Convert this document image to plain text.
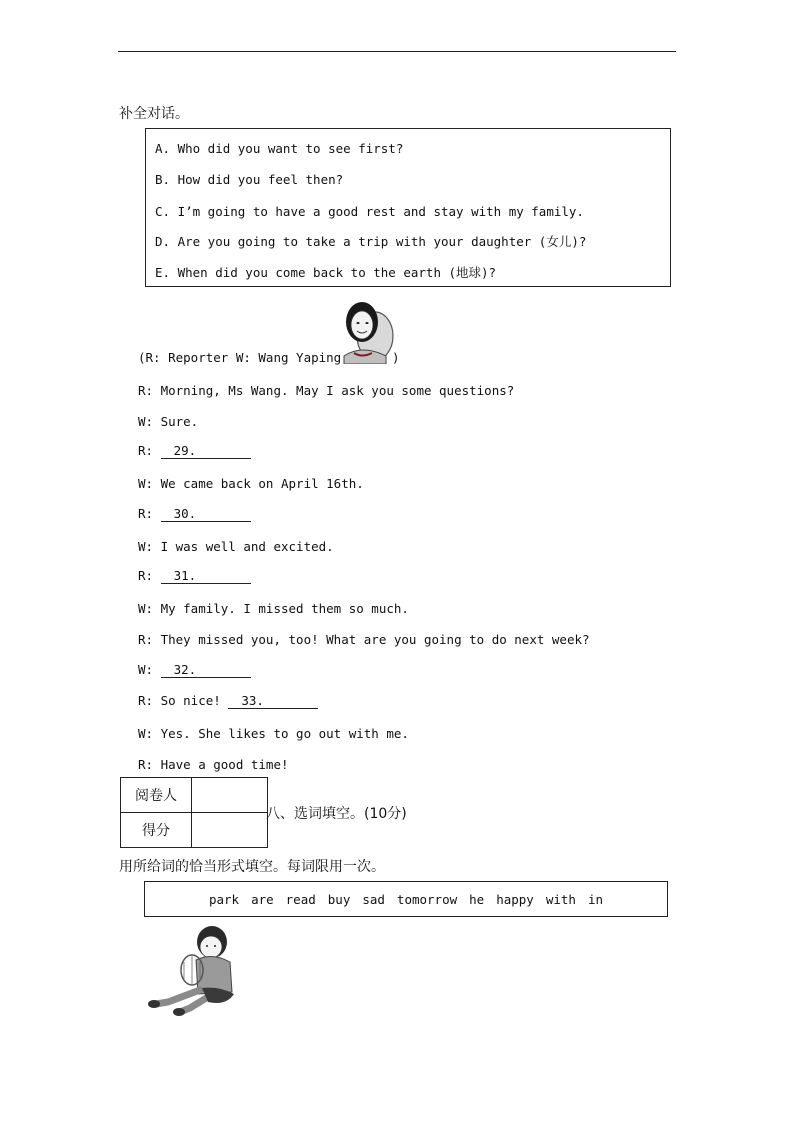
补全对话。
A. Who did you want to see first?
B. How did you feel then?
C. I’m going to have a good rest and stay with my family.
D. Are you going to take a trip with your daughter (女儿)?
E. When did you come back to the earth (地球)?
(R: Reporter W: Wang Yaping	)
R: Morning, Ms Wang. May I ask you some questions?
W: Sure.
R: 29.
W: We came back on April 16th.
R: 30.
W: I was well and excited.
R: 31.
W: My family. I missed them so much.
R: They missed you, too! What are you going to do next week?
W: 32.
R: So nice! 33.
W: Yes. She likes to go out with me.
R: Have a good time!
阅卷人	
得分	
八、选词填空。(10分)
用所给词的恰当形式填空。每词限用一次。
park are read buy sad tomorrow he happy with in
